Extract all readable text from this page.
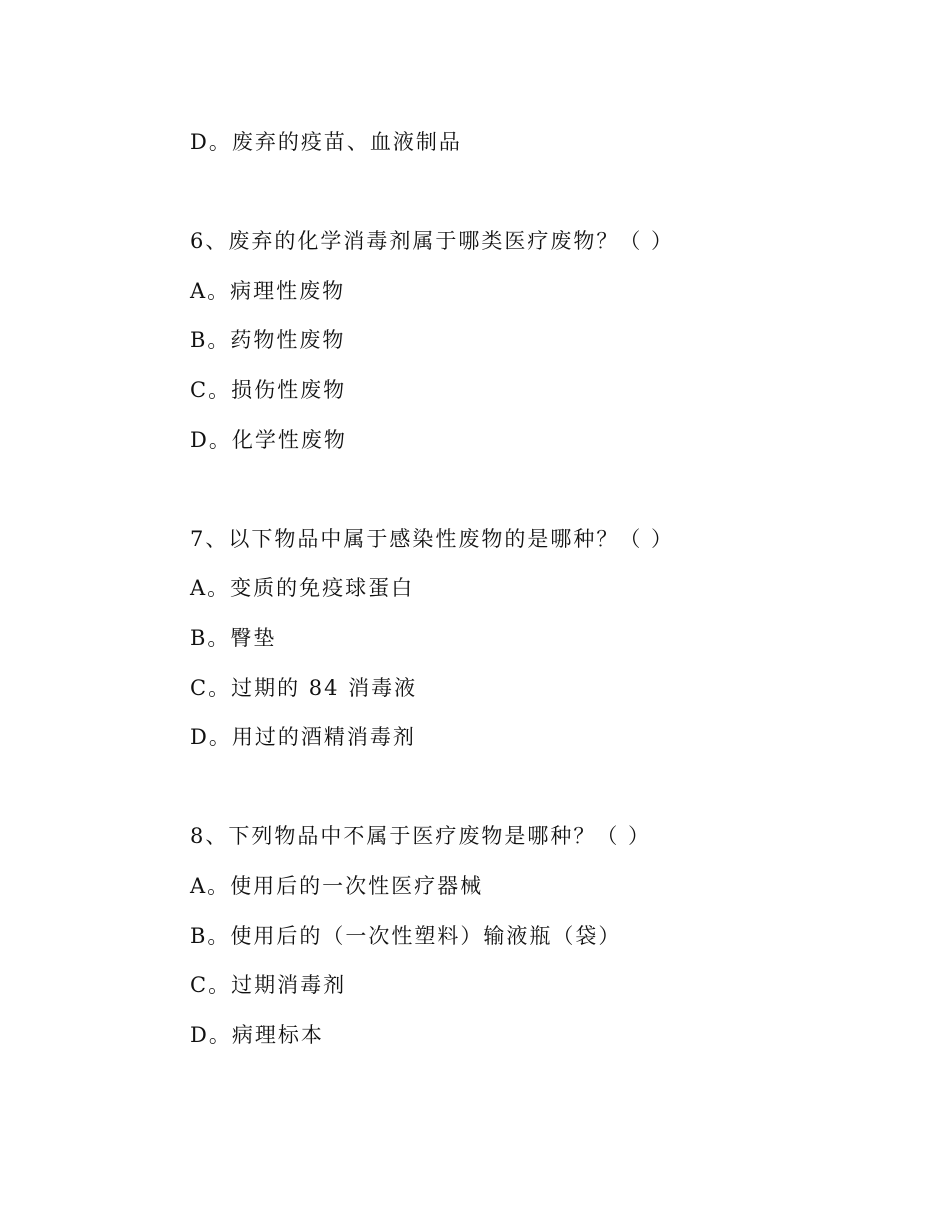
D。废弃的疫苗、血液制品

6、废弃的化学消毒剂属于哪类医疗废物？（ ）

A。病理性废物

B。药物性废物

C。损伤性废物

D。化学性废物

7、以下物品中属于感染性废物的是哪种？（ ）

A。变质的免疫球蛋白

B。臀垫

C。过期的 84 消毒液

D。用过的酒精消毒剂

8、下列物品中不属于医疗废物是哪种？（ ）

A。使用后的一次性医疗器械

B。使用后的（一次性塑料）输液瓶（袋）

C。过期消毒剂

D。病理标本
